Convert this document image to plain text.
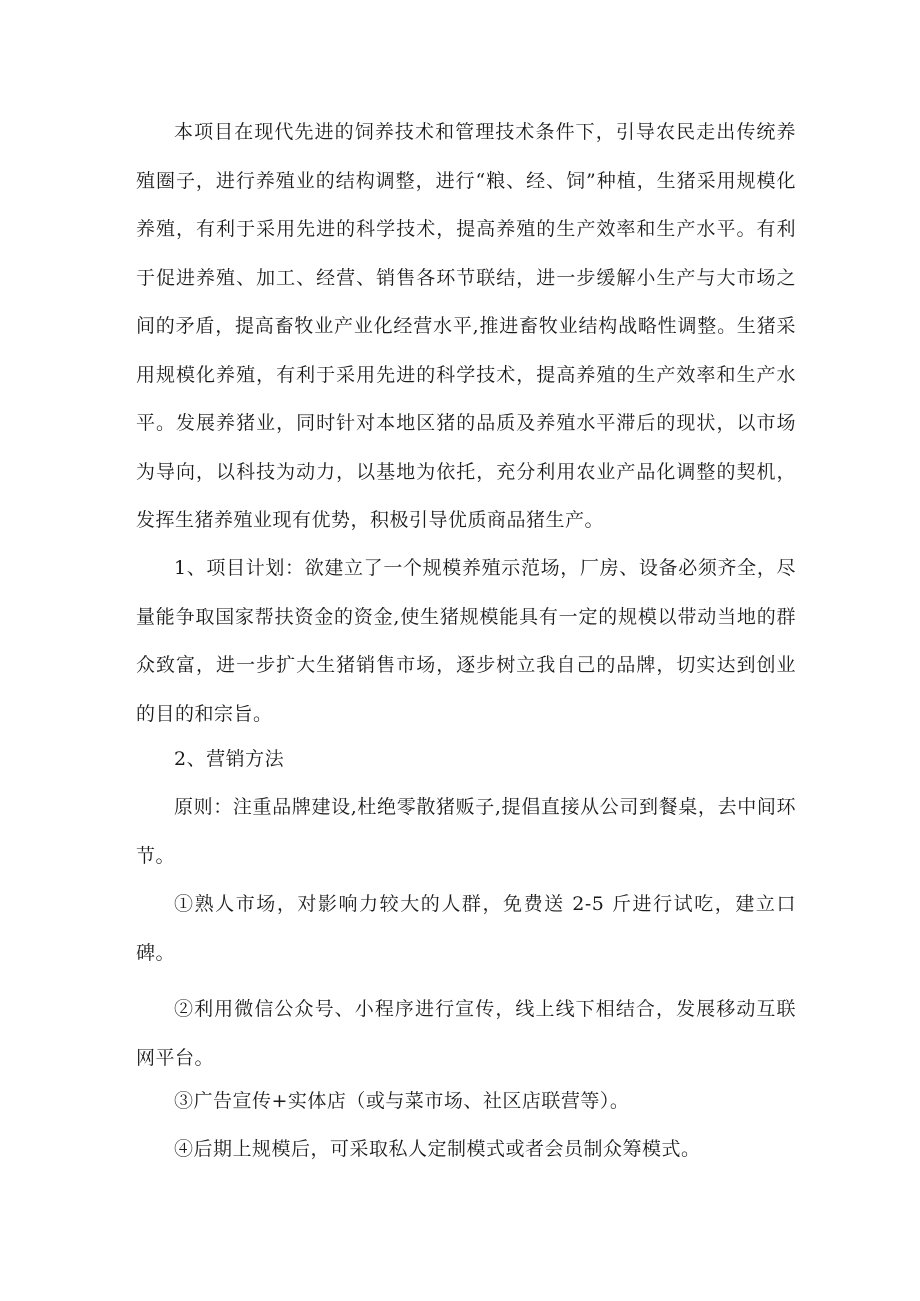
本项目在现代先进的饲养技术和管理技术条件下，引导农民走出传统养殖圈子，进行养殖业的结构调整，进行“粮、经、饲”种植，生猪采用规模化养殖，有利于采用先进的科学技术，提高养殖的生产效率和生产水平。有利于促进养殖、加工、经营、销售各环节联结，进一步缓解小生产与大市场之间的矛盾，提高畜牧业产业化经营水平,推进畜牧业结构战略性调整。生猪采用规模化养殖，有利于采用先进的科学技术，提高养殖的生产效率和生产水平。发展养猪业，同时针对本地区猪的品质及养殖水平滞后的现状，以市场为导向，以科技为动力，以基地为依托，充分利用农业产品化调整的契机，发挥生猪养殖业现有优势，积极引导优质商品猪生产。

1、项目计划：欲建立了一个规模养殖示范场，厂房、设备必须齐全，尽量能争取国家帮扶资金的资金,使生猪规模能具有一定的规模以带动当地的群众致富，进一步扩大生猪销售市场，逐步树立我自己的品牌，切实达到创业的目的和宗旨。

2、营销方法

原则：注重品牌建设,杜绝零散猪贩子,提倡直接从公司到餐桌，去中间环节。

①熟人市场，对影响力较大的人群，免费送 2-5 斤进行试吃，建立口碑。

②利用微信公众号、小程序进行宣传，线上线下相结合，发展移动互联网平台。

③广告宣传+实体店（或与菜市场、社区店联营等）。

④后期上规模后，可采取私人定制模式或者会员制众筹模式。
